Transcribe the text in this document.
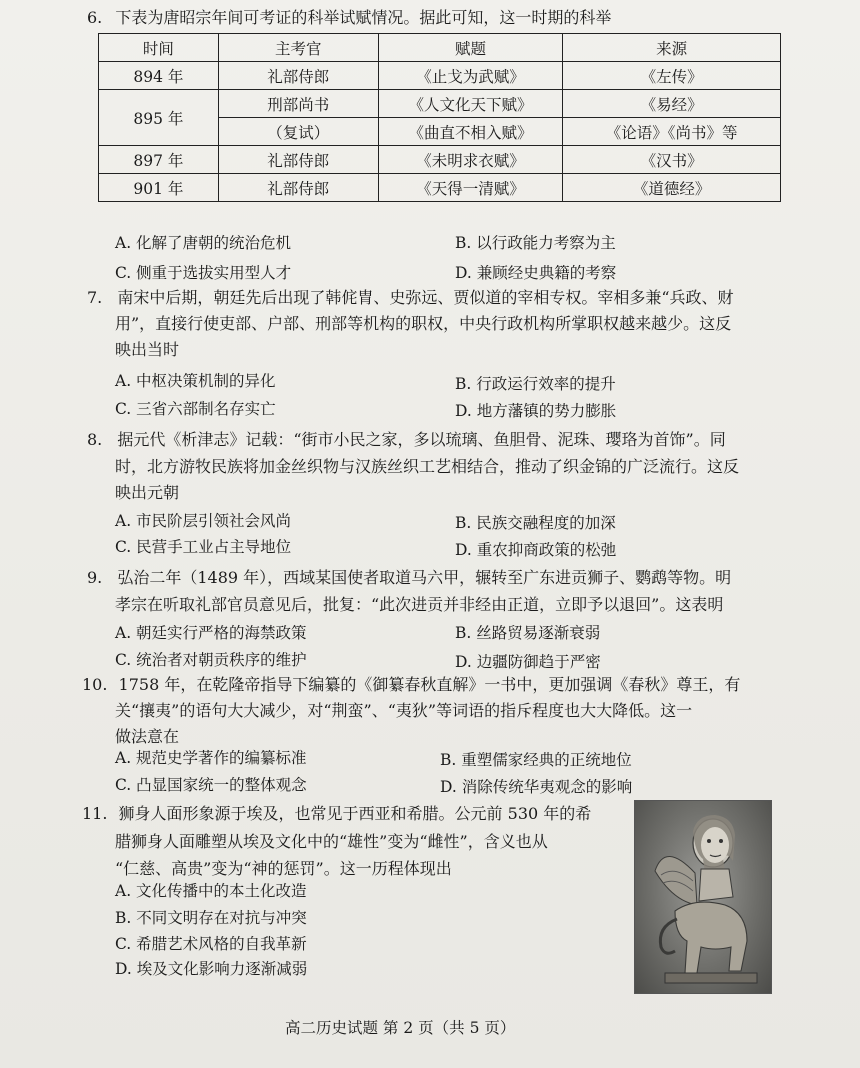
6. 下表为唐昭宗年间可考证的科举试赋情况。据此可知，这一时期的科举
时间	主考官	赋题	来源
894 年	礼部侍郎	《止戈为武赋》	《左传》
895 年	刑部尚书	《人文化天下赋》	《易经》
	（复试）	《曲直不相入赋》	《论语》《尚书》等
897 年	礼部侍郎	《未明求衣赋》	《汉书》
901 年	礼部侍郎	《天得一清赋》	《道德经》
A. 化解了唐朝的统治危机	B. 以行政能力考察为主
C. 侧重于选拔实用型人才	D. 兼顾经史典籍的考察
7. 南宋中后期，朝廷先后出现了韩侂胄、史弥远、贾似道的宰相专权。宰相多兼“兵政、财
用”，直接行使吏部、户部、刑部等机构的职权，中央行政机构所掌职权越来越少。这反
映出当时
A. 中枢决策机制的异化	B. 行政运行效率的提升
C. 三省六部制名存实亡	D. 地方藩镇的势力膨胀
8. 据元代《析津志》记载：“街市小民之家，多以琉璃、鱼胆骨、泥珠、璎珞为首饰”。同
时，北方游牧民族将加金丝织物与汉族丝织工艺相结合，推动了织金锦的广泛流行。这反
映出元朝
A. 市民阶层引领社会风尚	B. 民族交融程度的加深
C. 民营手工业占主导地位	D. 重农抑商政策的松弛
9. 弘治二年（1489 年），西域某国使者取道马六甲，辗转至广东进贡狮子、鹦鹉等物。明
孝宗在听取礼部官员意见后，批复：“此次进贡并非经由正道，立即予以退回”。这表明
A. 朝廷实行严格的海禁政策	B. 丝路贸易逐渐衰弱
C. 统治者对朝贡秩序的维护	D. 边疆防御趋于严密
10. 1758 年，在乾隆帝指导下编纂的《御纂春秋直解》一书中，更加强调《春秋》尊王，有
关“攘夷”的语句大大减少，对“荆蛮”、“夷狄”等词语的指斥程度也大大降低。这一
做法意在
A. 规范史学著作的编纂标准	B. 重塑儒家经典的正统地位
C. 凸显国家统一的整体观念	D. 消除传统华夷观念的影响
11. 狮身人面形象源于埃及，也常见于西亚和希腊。公元前 530 年的希
腊狮身人面雕塑从埃及文化中的“雄性”变为“雌性”，含义也从
“仁慈、高贵”变为“神的惩罚”。这一历程体现出
A. 文化传播中的本土化改造
B. 不同文明存在对抗与冲突
C. 希腊艺术风格的自我革新
D. 埃及文化影响力逐渐减弱
高二历史试题 第 2 页（共 5 页）
